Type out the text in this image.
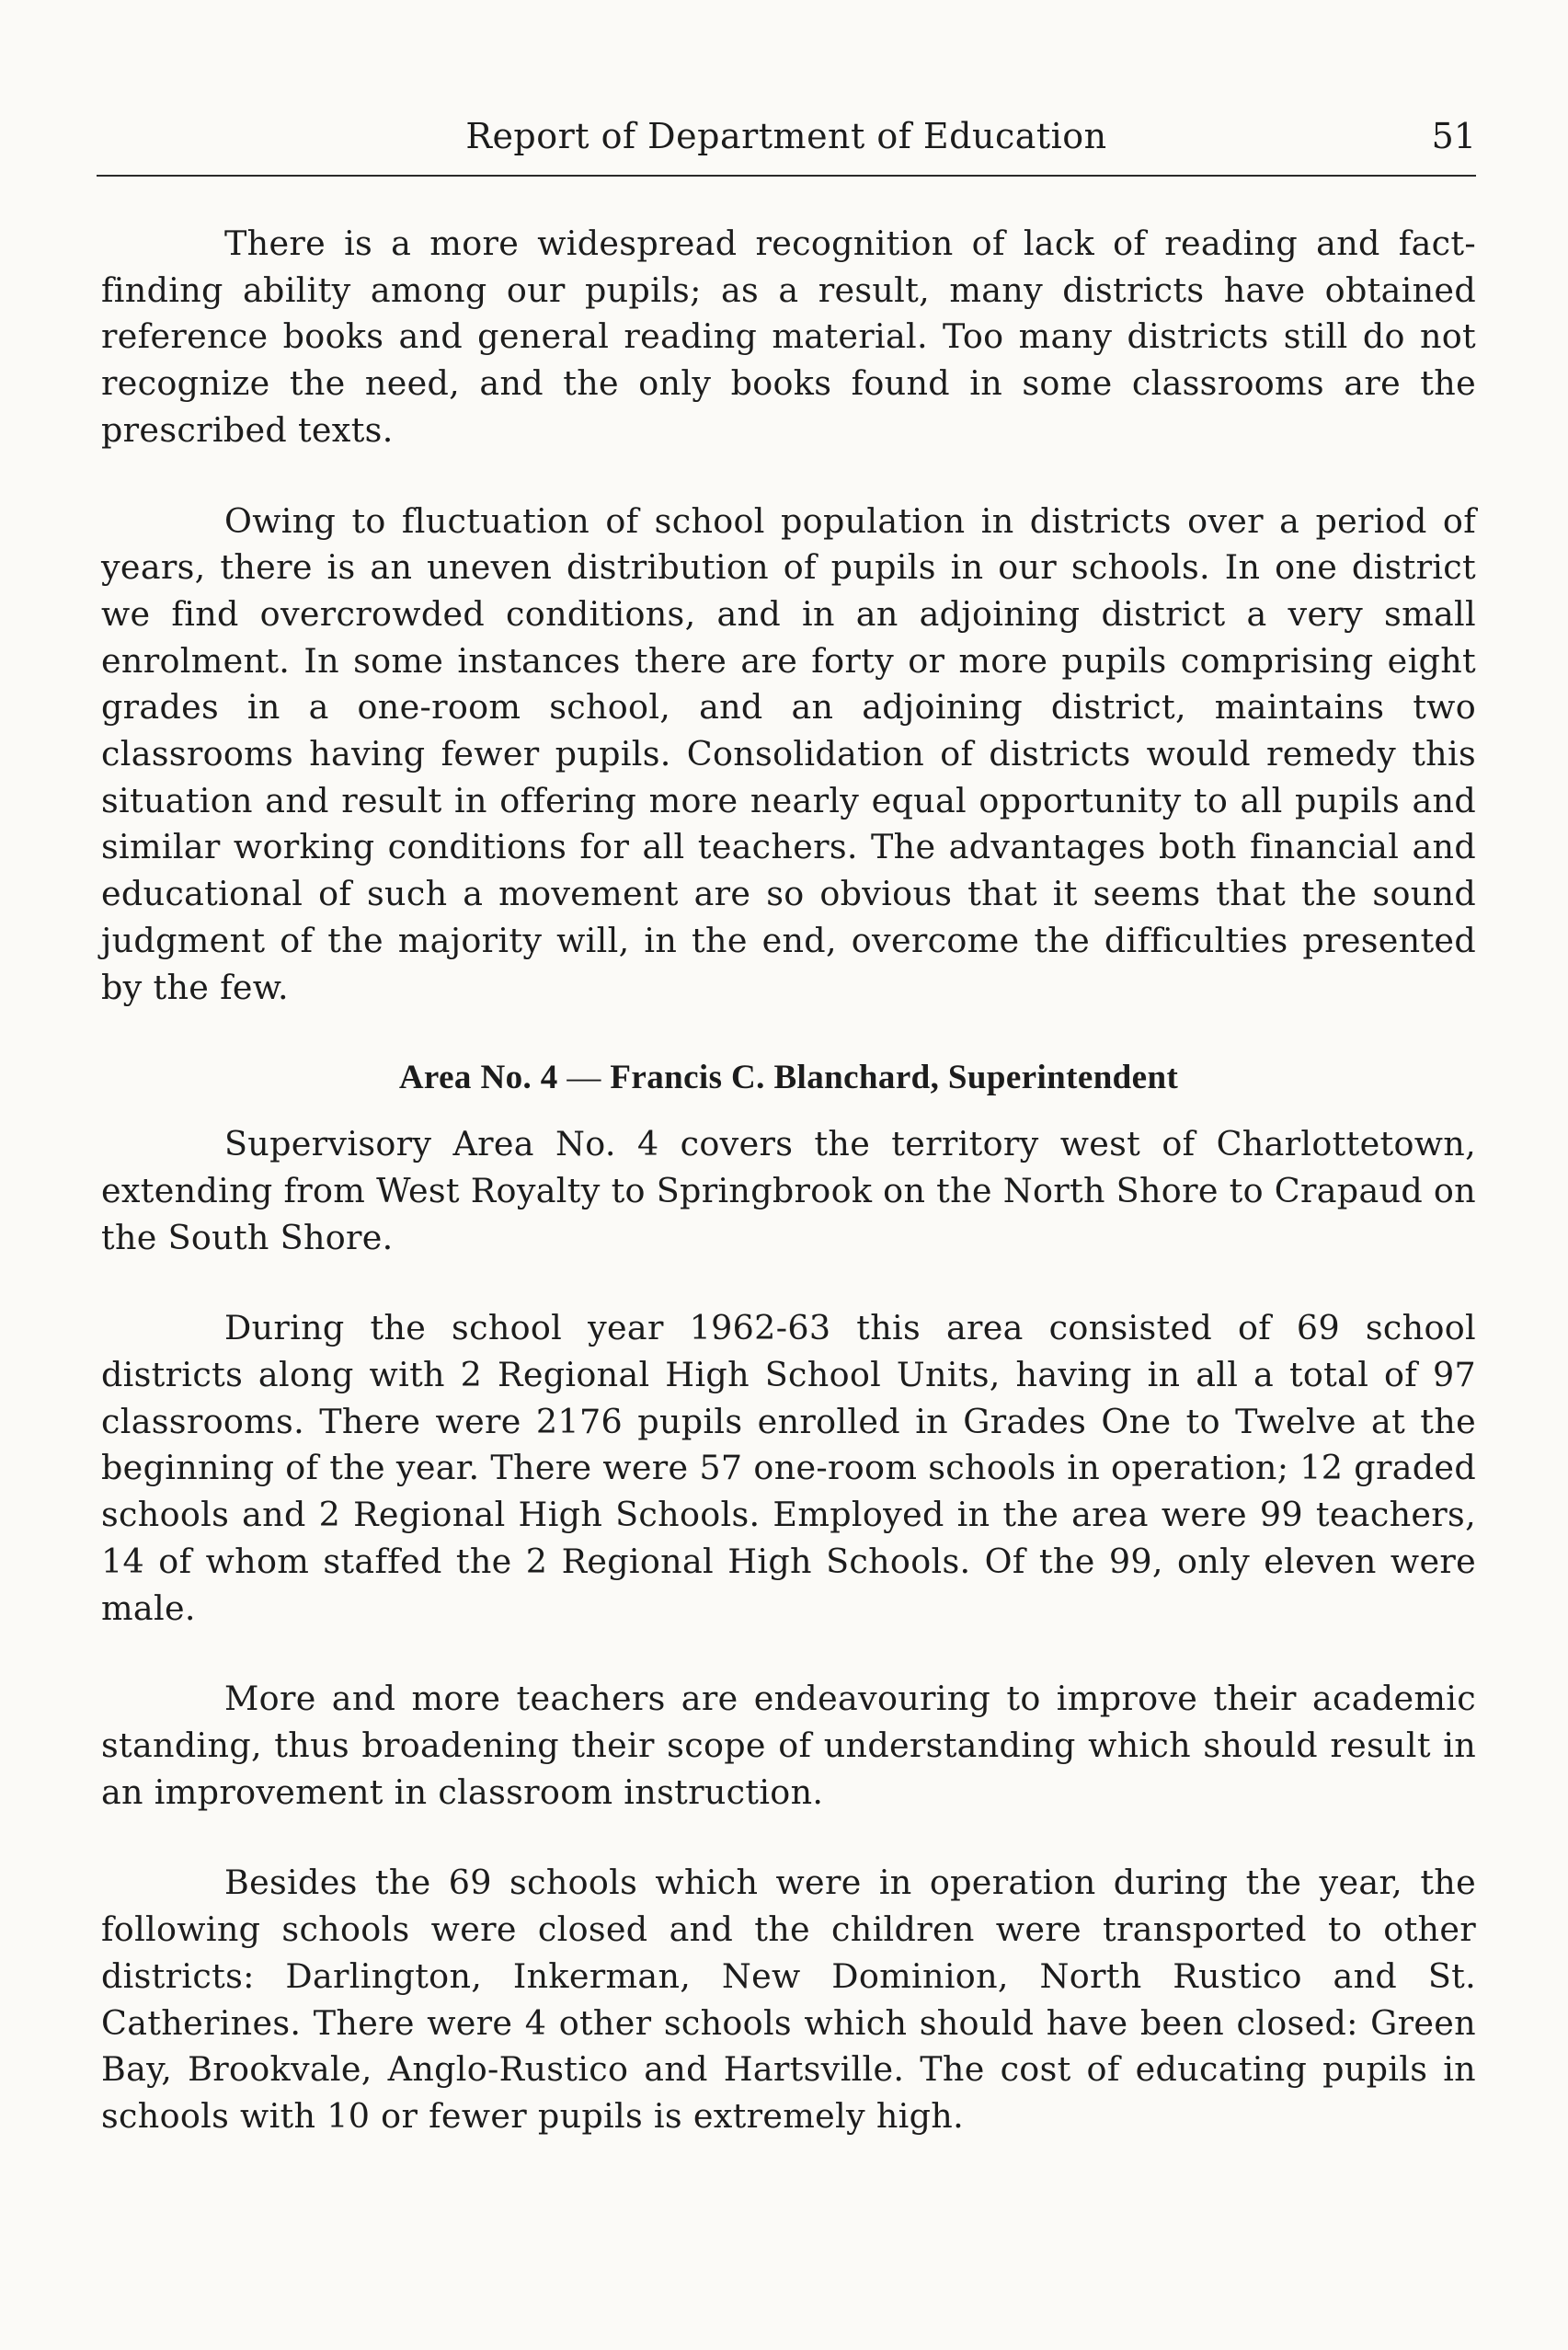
Report of Department of Education	51

There is a more widespread recognition of lack of reading and fact-finding ability among our pupils; as a result, many districts have obtained reference books and general reading material. Too many districts still do not recognize the need, and the only books found in some classrooms are the prescribed texts.

Owing to fluctuation of school population in districts over a period of years, there is an uneven distribution of pupils in our schools. In one district we find overcrowded conditions, and in an adjoining district a very small enrolment. In some instances there are forty or more pupils comprising eight grades in a one-room school, and an adjoining district, maintains two classrooms having fewer pupils. Consolidation of districts would remedy this situation and result in offering more nearly equal opportunity to all pupils and similar working conditions for all teachers. The advantages both financial and educational of such a movement are so obvious that it seems that the sound judgment of the majority will, in the end, overcome the difficulties presented by the few.

Area No. 4 — Francis C. Blanchard, Superintendent

Supervisory Area No. 4 covers the territory west of Charlottetown, extending from West Royalty to Springbrook on the North Shore to Crapaud on the South Shore.

During the school year 1962-63 this area consisted of 69 school districts along with 2 Regional High School Units, having in all a total of 97 classrooms. There were 2176 pupils enrolled in Grades One to Twelve at the beginning of the year. There were 57 one-room schools in operation; 12 graded schools and 2 Regional High Schools. Employed in the area were 99 teachers, 14 of whom staffed the 2 Regional High Schools. Of the 99, only eleven were male.

More and more teachers are endeavouring to improve their academic standing, thus broadening their scope of understanding which should result in an improvement in classroom instruction.

Besides the 69 schools which were in operation during the year, the following schools were closed and the children were transported to other districts: Darlington, Inkerman, New Dominion, North Rustico and St. Catherines. There were 4 other schools which should have been closed: Green Bay, Brookvale, Anglo-Rustico and Hartsville. The cost of educating pupils in schools with 10 or fewer pupils is extremely high.
